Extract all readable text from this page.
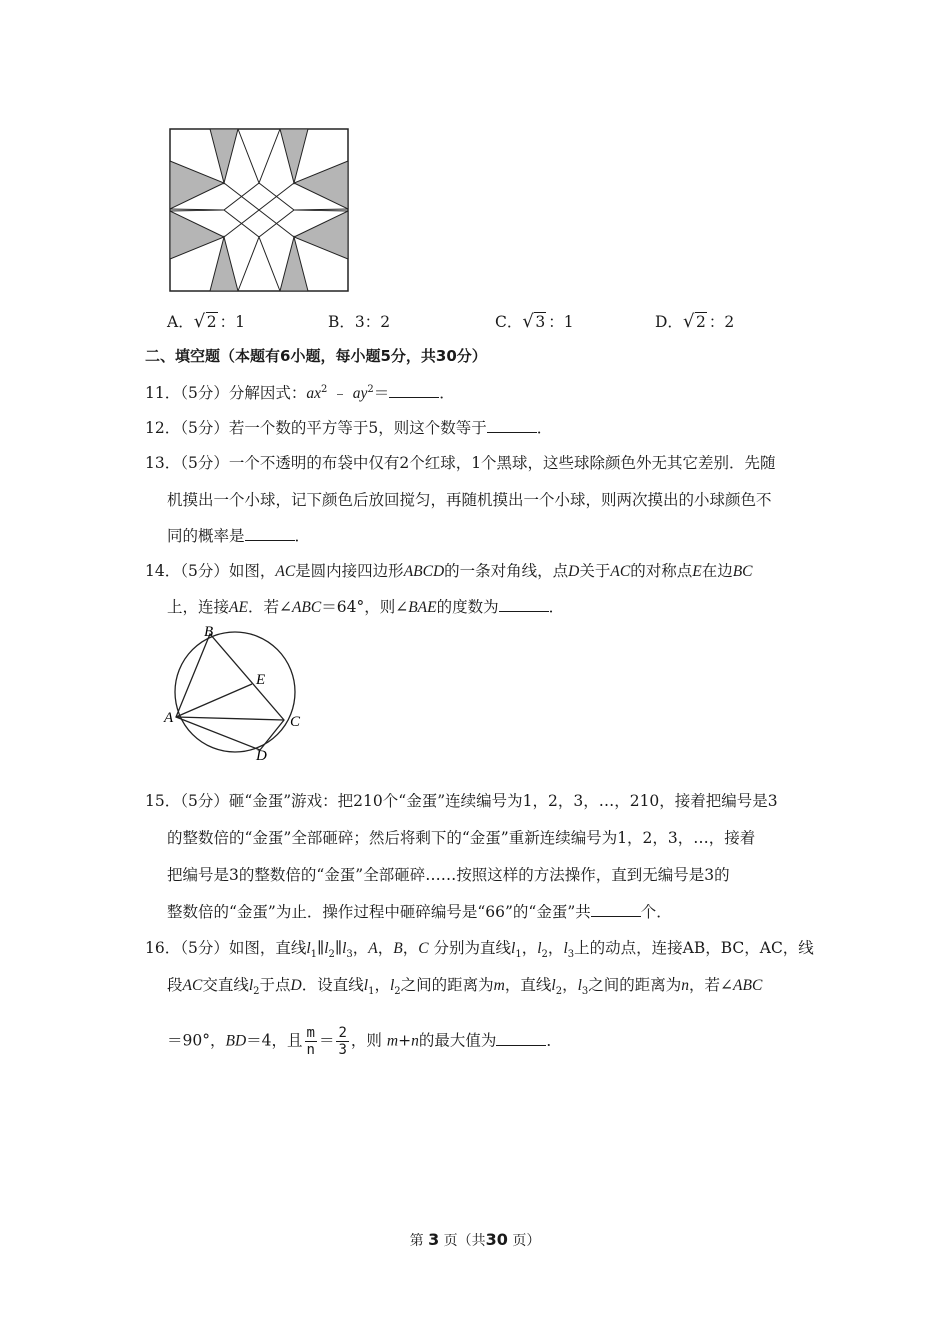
A． √ 2 ：1	B．3：2	C． √ 3 ：1	D． √ 2 ：2
二、填空题（本题有6小题，每小题5分，共30分）
11．（5分）分解因式：$ax^2$ ﹣ $ay^2=$	．
12．（5分）若一个数的平方等于5，则这个数等于	．
13．（5分）一个不透明的布袋中仅有2个红球，1个黑球，这些球除颜色外无其它差别．先随
机摸出一个小球，记下颜色后放回搅匀，再随机摸出一个小球，则两次摸出的小球颜色不
同的概率是	．
14．（5分）如图，AC是圆内接四边形ABCD的一条对角线，点D关于AC的对称点E在边BC
上，连接AE．若∠ABC＝64°，则∠BAE的度数为	．
B
E
A	C
D
15．（5分）砸“金蛋”游戏：把210个“金蛋”连续编号为1，2，3，…，210，接着把编号是3
的整数倍的“金蛋”全部砸碎；然后将剩下的“金蛋”重新连续编号为1，2，3，…，接着
把编号是3的整数倍的“金蛋”全部砸碎……按照这样的方法操作，直到无编号是3的
整数倍的“金蛋”为止．操作过程中砸碎编号是“66”的“金蛋”共	个．
16．（5分）如图，直线$l_1\parallel l_2\parallel l_3$，A，B，C 分别为直线$l_1$，$l_2$，$l_3$上的动点，连接AB，BC，AC，线
段AC交直线$l_2$于点D．设直线$l_1$，$l_2$之间的距离为m，直线$l_2$，$l_3$之间的距离为n，若∠ABC
＝90°，BD＝4，且 $\frac{m}{n} = \frac{2}{3}$ ，则 m+n的最大值为	．
第 3 页（共30 页）
